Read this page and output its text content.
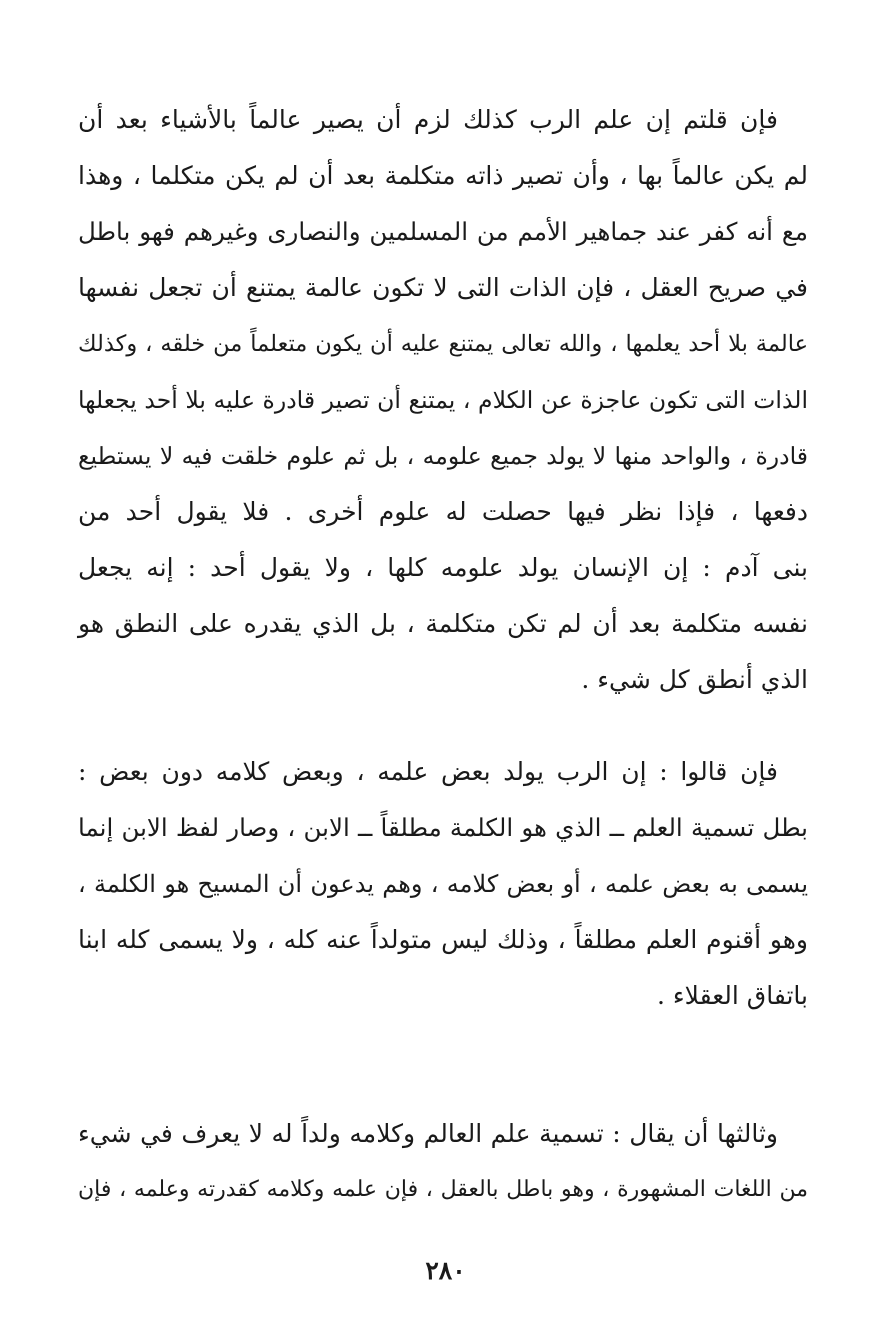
فإن قلتم إن علم الرب كذلك لزم أن يصير عالماً بالأشياء بعد أن
لم يكن عالماً بها ، وأن تصير ذاته متكلمة بعد أن لم يكن متكلما ، وهذا
مع أنه كفر عند جماهير الأمم من المسلمين والنصارى وغيرهم فهو باطل
في صريح العقل ، فإن الذات التى لا تكون عالمة يمتنع أن تجعل نفسها
عالمة بلا أحد يعلمها ، والله تعالى يمتنع عليه أن يكون متعلماً من خلقه ، وكذلك
الذات التى تكون عاجزة عن الكلام ، يمتنع أن تصير قادرة عليه بلا أحد يجعلها
قادرة ، والواحد منها لا يولد جميع علومه ، بل ثم علوم خلقت فيه لا يستطيع
دفعها ، فإذا نظر فيها حصلت له علوم أخرى . فلا يقول أحد من
بنى آدم : إن الإنسان يولد علومه كلها ، ولا يقول أحد : إنه يجعل
نفسه متكلمة بعد أن لم تكن متكلمة ، بل الذي يقدره على النطق هو
الذي أنطق كل شيء .
فإن قالوا : إن الرب يولد بعض علمه ، وبعض كلامه دون بعض :
بطل تسمية العلم ــ الذي هو الكلمة مطلقاً ــ الابن ، وصار لفظ الابن إنما
يسمى به بعض علمه ، أو بعض كلامه ، وهم يدعون أن المسيح هو الكلمة ،
وهو أقنوم العلم مطلقاً ، وذلك ليس متولداً عنه كله ، ولا يسمى كله ابنا
باتفاق العقلاء .
وثالثها أن يقال : تسمية علم العالم وكلامه ولداً له لا يعرف في شيء
من اللغات المشهورة ، وهو باطل بالعقل ، فإن علمه وكلامه كقدرته وعلمه ، فإن
٢٨٠
